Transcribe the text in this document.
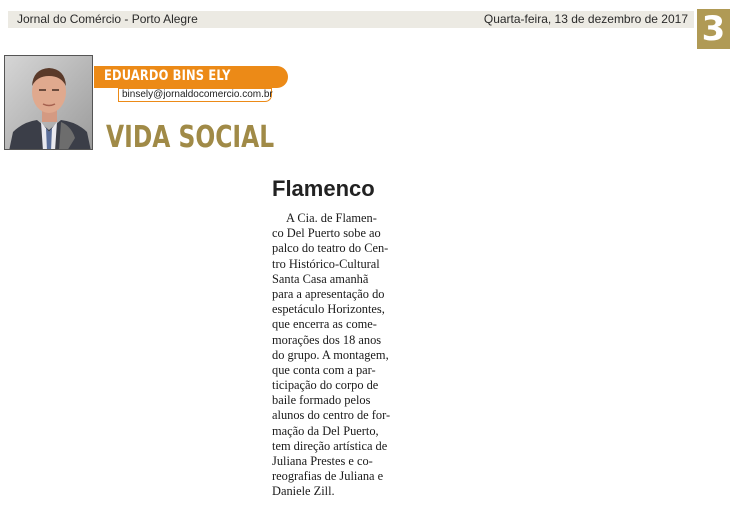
Jornal do Comércio - Porto Alegre	Quarta-feira, 13 de dezembro de 2017 3
EDUARDO BINS ELY
binsely@jornaldocomercio.com.br
VIDA SOCIAL
Flamenco
A Cia. de Flamen-
co Del Puerto sobe ao
palco do teatro do Cen-
tro Histórico-Cultural
Santa Casa amanhã
para a apresentação do
espetáculo Horizontes,
que encerra as come-
morações dos 18 anos
do grupo. A montagem,
que conta com a par-
ticipação do corpo de
baile formado pelos
alunos do centro de for-
mação da Del Puerto,
tem direção artística de
Juliana Prestes e co-
reografias de Juliana e
Daniele Zill.
